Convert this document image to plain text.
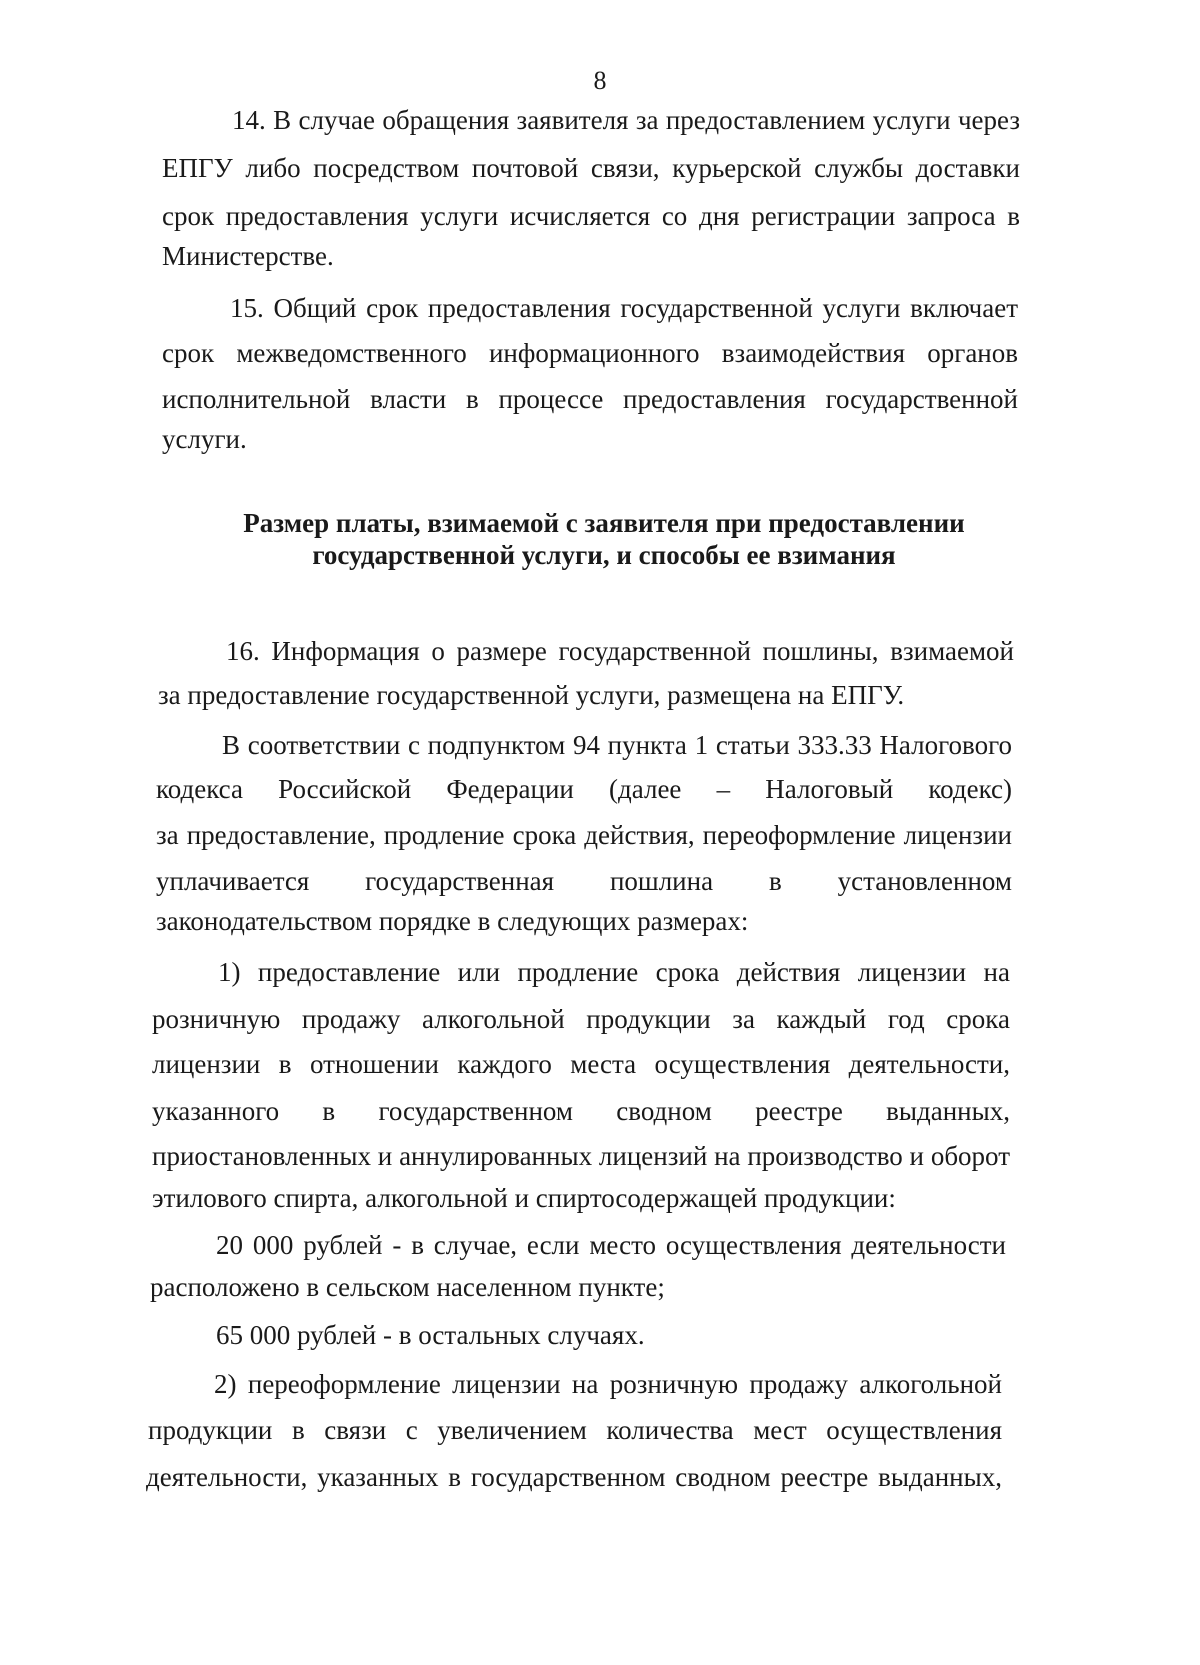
8
14. В случае обращения заявителя за предоставлением услуги через
ЕПГУ либо посредством почтовой связи, курьерской службы доставки
срок предоставления услуги исчисляется со дня регистрации запроса в
Министерстве.
15. Общий срок предоставления государственной услуги включает
срок межведомственного информационного взаимодействия органов
исполнительной власти в процессе предоставления государственной
услуги.
Размер платы, взимаемой с заявителя при предоставлении
государственной услуги, и способы ее взимания
16. Информация о размере государственной пошлины, взимаемой
за предоставление государственной услуги, размещена на ЕПГУ.
В соответствии с подпунктом 94 пункта 1 статьи 333.33 Налогового
кодекса Российской Федерации (далее – Налоговый кодекс)
за предоставление, продление срока действия, переоформление лицензии
уплачивается государственная пошлина в установленном
законодательством порядке в следующих размерах:
1) предоставление или продление срока действия лицензии на
розничную продажу алкогольной продукции за каждый год срока
лицензии в отношении каждого места осуществления деятельности,
указанного в государственном сводном реестре выданных,
приостановленных и аннулированных лицензий на производство и оборот
этилового спирта, алкогольной и спиртосодержащей продукции:
20 000 рублей - в случае, если место осуществления деятельности
расположено в сельском населенном пункте;
65 000 рублей - в остальных случаях.
2) переоформление лицензии на розничную продажу алкогольной
продукции в связи с увеличением количества мест осуществления
деятельности, указанных в государственном сводном реестре выданных,
